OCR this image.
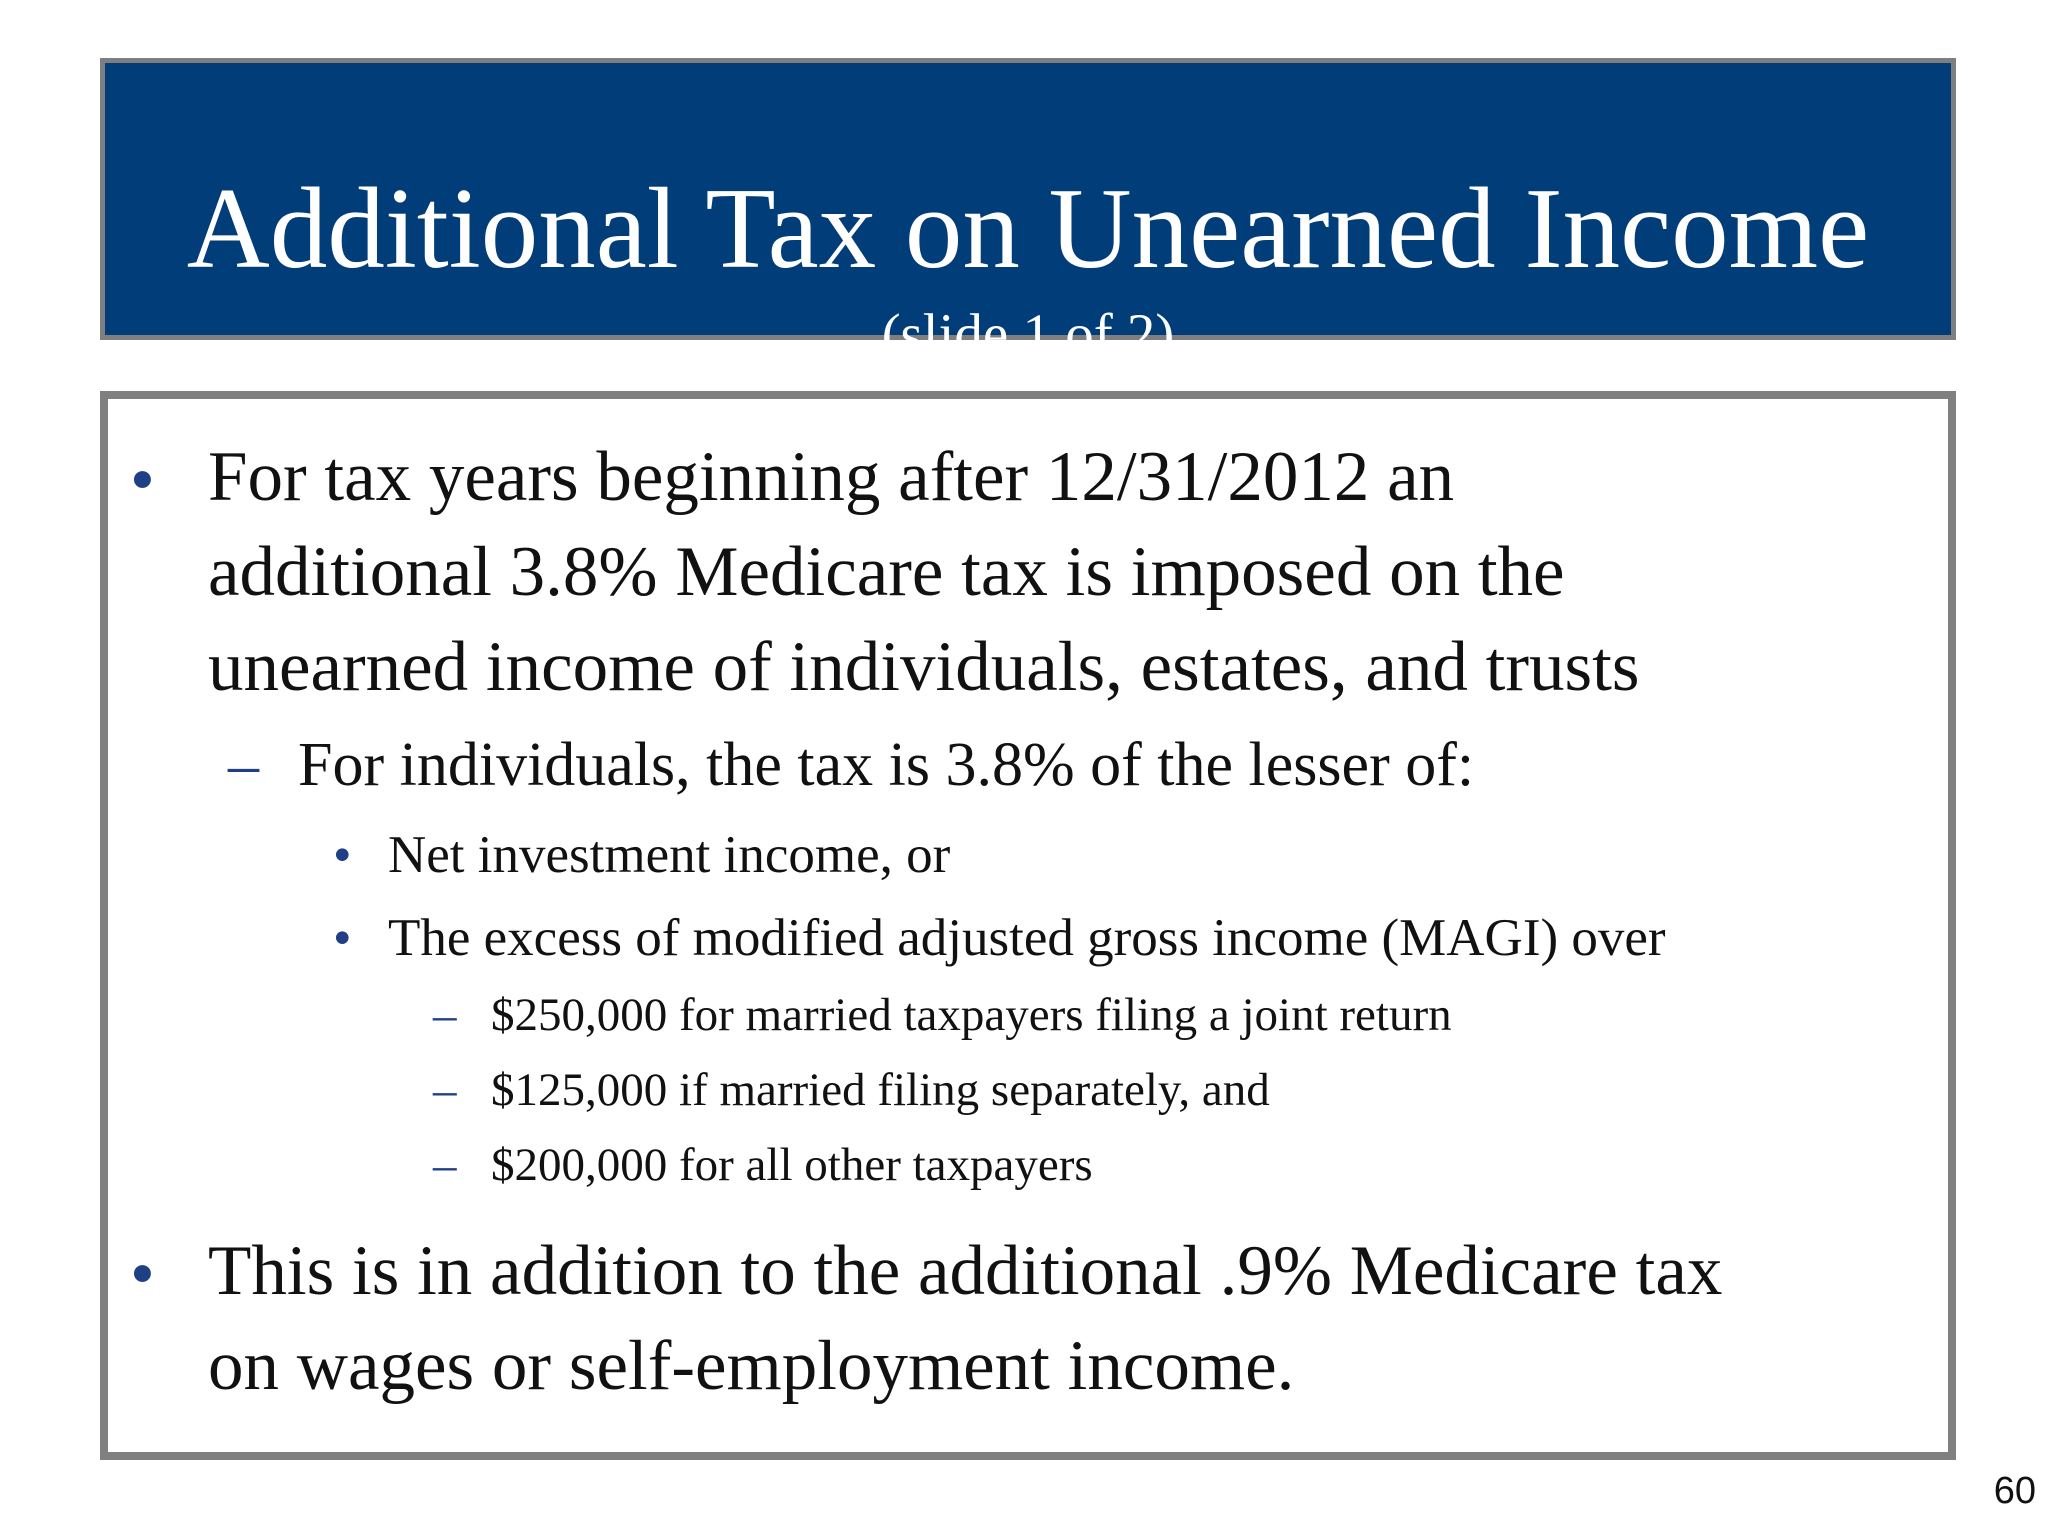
Additional Tax on Unearned Income
(slide 1 of 2)
• For tax years beginning after 12/31/2012 an
additional 3.8% Medicare tax is imposed on the
unearned income of individuals, estates, and trusts
– For individuals, the tax is 3.8% of the lesser of:
• Net investment income, or
• The excess of modified adjusted gross income (MAGI) over
– $250,000 for married taxpayers filing a joint return
– $125,000 if married filing separately, and
– $200,000 for all other taxpayers
• This is in addition to the additional .9% Medicare tax
on wages or self-employment income.
60
